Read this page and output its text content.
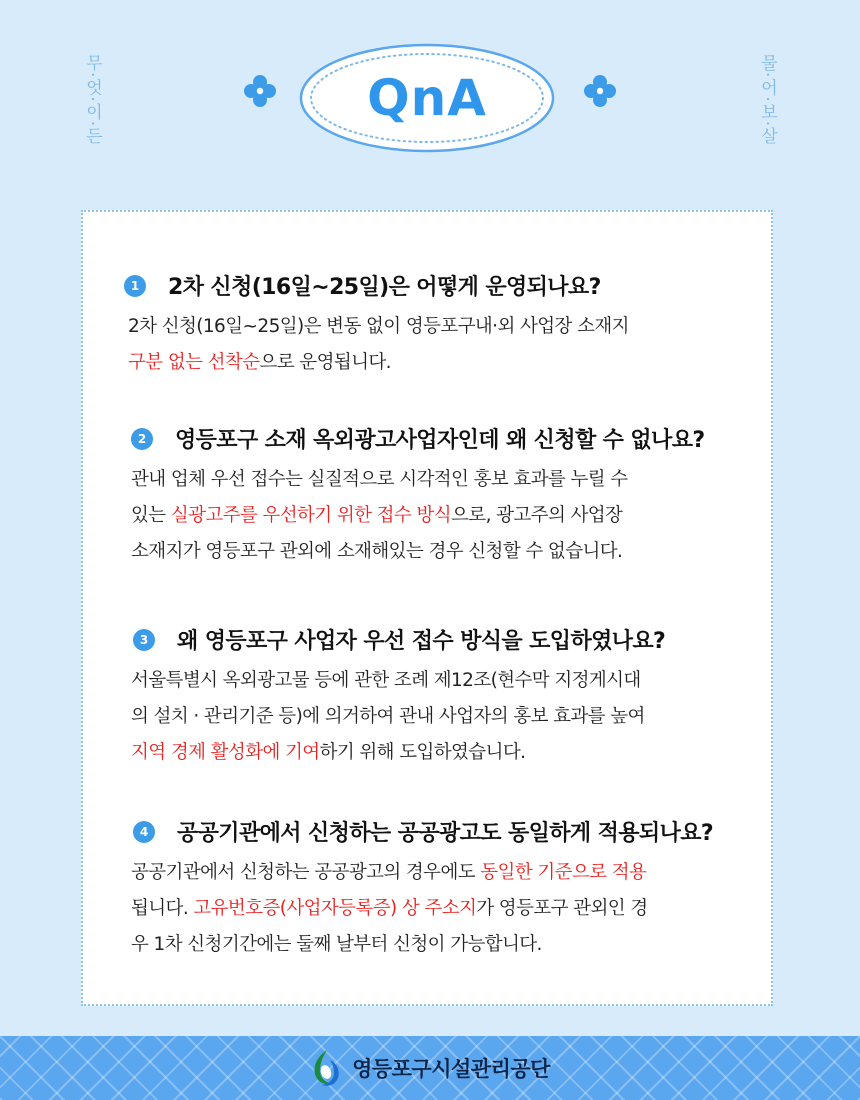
무·엇·이·든	물·어·보·살
QnA
1	2차 신청(16일~25일)은 어떻게 운영되나요?
2차 신청(16일~25일)은 변동 없이 영등포구내·외 사업장 소재지
구분 없는 선착순으로 운영됩니다.
2	영등포구 소재 옥외광고사업자인데 왜 신청할 수 없나요?
관내 업체 우선 접수는 실질적으로 시각적인 홍보 효과를 누릴 수
있는 실광고주를 우선하기 위한 접수 방식으로, 광고주의 사업장
소재지가 영등포구 관외에 소재해있는 경우 신청할 수 없습니다.
3	왜 영등포구 사업자 우선 접수 방식을 도입하였나요?
서울특별시 옥외광고물 등에 관한 조례 제12조(현수막 지정게시대
의 설치 · 관리기준 등)에 의거하여 관내 사업자의 홍보 효과를 높여
지역 경제 활성화에 기여하기 위해 도입하였습니다.
4	공공기관에서 신청하는 공공광고도 동일하게 적용되나요?
공공기관에서 신청하는 공공광고의 경우에도 동일한 기준으로 적용
됩니다. 고유번호증(사업자등록증) 상 주소지가 영등포구 관외인 경
우 1차 신청기간에는 둘째 날부터 신청이 가능합니다.
영등포구시설관리공단
